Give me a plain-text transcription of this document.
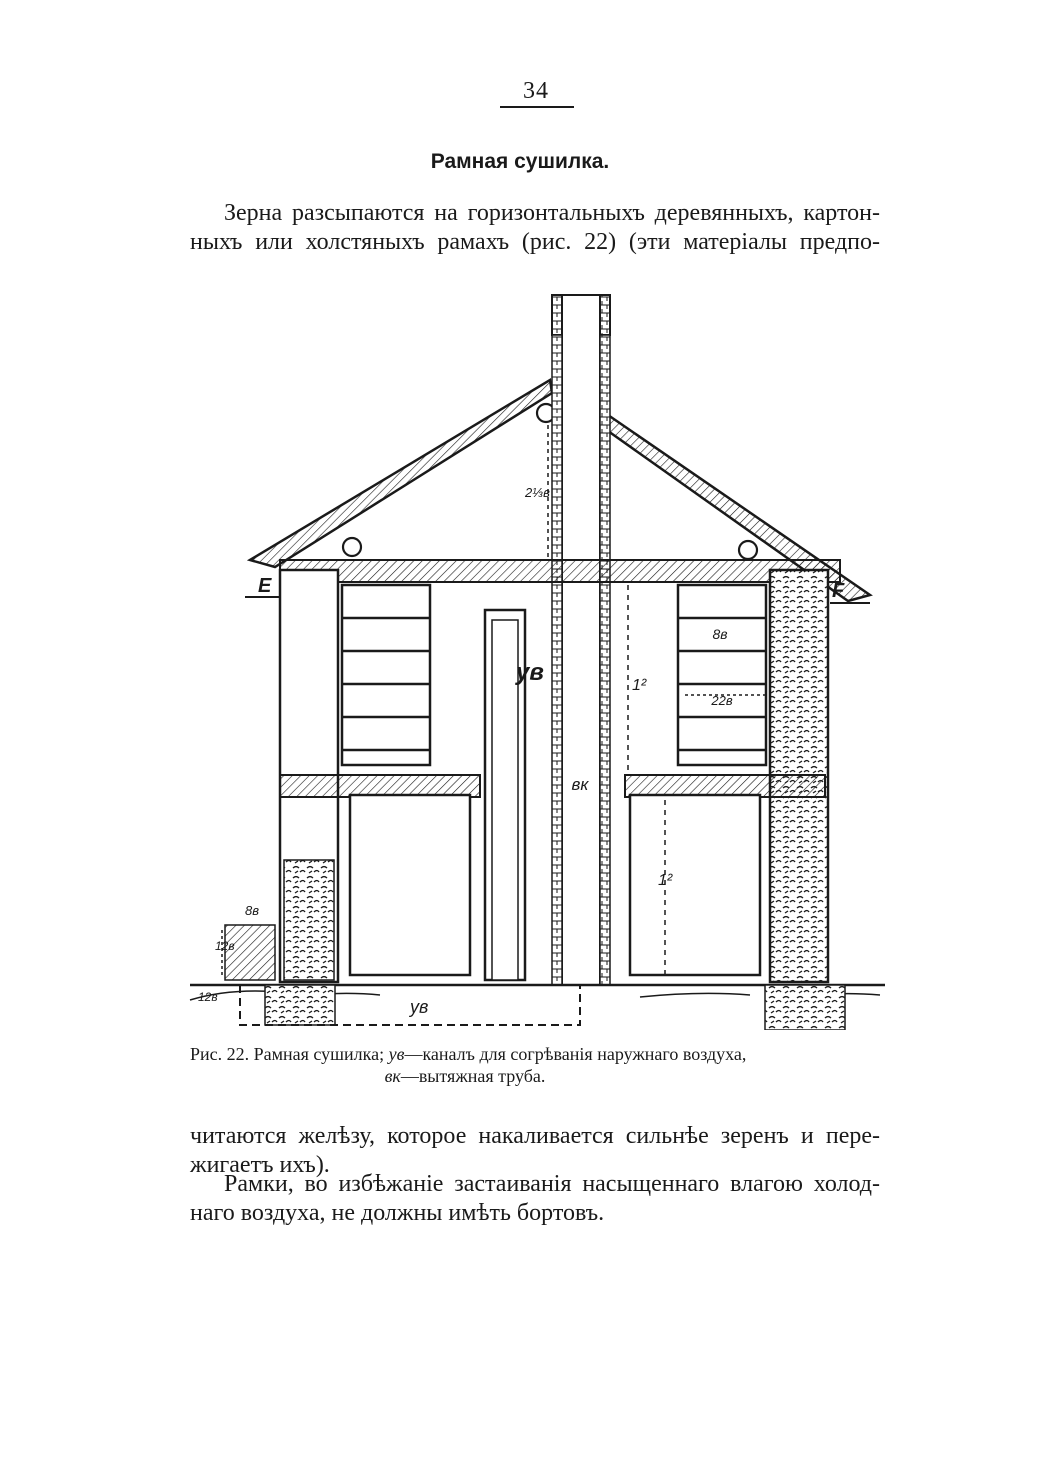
34
Рамная сушилка.

Зерна разсыпаются на горизонтальныхъ деревянныхъ, картон-
ныхъ или холстяныхъ рамахъ (рис. 22) (эти матеріалы предпо-

E	F
ув
ув
вк
2⅓в
1²
1²
8в
22в
8в
12в
12в
Рис. 22. Рамная сушилка; ув—каналъ для согрѣванія наружнаго воздуха,
вк—вытяжная труба.

читаются желѣзу, которое накаливается сильнѣе зеренъ и пере-
жигаетъ ихъ).

Рамки, во избѣжаніе застаиванія насыщеннаго влагою холод-
наго воздуха, не должны имѣть бортовъ.
